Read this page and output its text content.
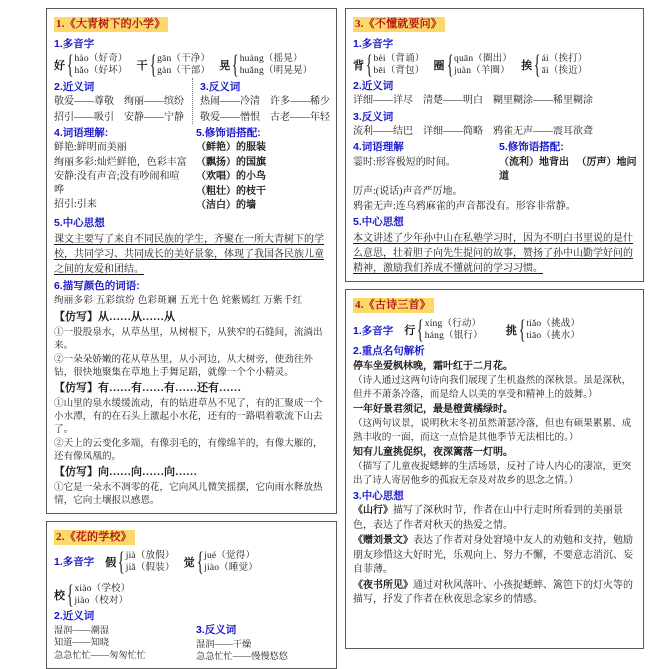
1.《大青树下的小学》
1.多音字
好 { hào（好奇）
hǎo（好坏） 干 { gān（干净）
gàn（干部） 晃 { huàng（摇晃）
huǎng（明晃晃）
2.近义词
敬爱——尊敬 绚丽——缤纷
招引——吸引 安静——宁静
3.反义词
热闹——冷清 许多——稀少
敬爱——憎恨 古老——年轻
4.词语理解:
鲜艳:鲜明而美丽
绚丽多彩:灿烂鲜艳，色彩丰富
安静:没有声音;没有吵闹和喧哗
招引:引来
5.修饰语搭配:
（鲜艳）的服装
（飘扬）的国旗
（欢唱）的小鸟
（粗壮）的枝干
（洁白）的墙
5.中心思想
课文主要写了来自不同民族的学生，齐聚在一所大青树下的学校，共同学习、共同成长的美好景象，体现了我国各民族儿童之间的友爱和团结。
6.描写颜色的词语:
绚丽多彩 五彩缤纷 色彩斑斓 五光十色 姹紫嫣红 万紫千红
【仿写】从……从……从
①一股股泉水，从草丛里，从树根下，从狭窄的石缝间，流淌出来。
②一朵朵娇嫩的花从草丛里，从小河边，从大树旁，使劲往外钻，很快地聚集在草地上手舞足蹈，就像一个个小精灵。
【仿写】有……有……有……还有……
①山里的泉水缓缓流动，有的钻进草丛不见了，有的汇聚成一个小水潭，有的在石头上激起小水花，还有的一路唱着歌流下山去了。
②天上的云变化多端，有像羽毛的，有像绵羊的，有像大雁的，还有像凤凰的。
【仿写】向……向……向……
①它是一朵永不凋零的花，它向风儿微笑摇摆，它向雨水释放热情，它向土壤报以感恩。
2.《花的学校》
1.多音字 假 { jià（放假）
jiǎ（假装） 觉 { jué（觉得）
jiào（睡觉）
校 { xiào（学校）
jiào（校对）
2.近义词
湿润——潮湿
知道——知晓
急急忙忙——匆匆忙忙
3.反义词
湿润——干燥
急急忙忙——慢慢悠悠
3.《不懂就要问》
1.多音字
背 { bèi（背诵）
bēi（背包） 圈 { quān（圈出）
juàn（羊圈） 挨 { ái（挨打）
āi（挨近）
2.近义词
详细——详尽 清楚——明白 糊里糊涂——稀里糊涂
3.反义词
流利——结巴 详细——简略 鸦雀无声——震耳欲聋
4.词语理解	5.修饰语搭配:
霎时:形容极短的时间。	（流利）地背出 （厉声）地问道
厉声:(说话)声音严厉地。
鸦雀无声:连乌鸦麻雀的声音都没有。形容非常静。
5.中心思想
本文讲述了少年孙中山在私塾学习时，因为不明白书里说的是什么意思，壮着胆子向先生提问的故事，赞扬了孙中山勤学好问的精神，激励我们养成不懂就问的学习习惯。
4.《古诗三首》
1.多音字 行 { xíng（行动）
háng（银行） 挑 { tiǎo（挑战）
tiāo（挑水）
2.重点名句解析
停车坐爱枫林晚，霜叶红于二月花。
（诗人通过这两句诗向我们展现了生机盎然的深秋景。虽是深秋，但并不萧条冷落，而是给人以美的享受和精神上的鼓舞。）
一年好景君须记，最是橙黄橘绿时。
（这两句议景，说明秋末冬初虽然萧瑟冷落，但也有硕果累累、成熟丰收的一面，而这一点恰是其他季节无法相比的。）
知有儿童挑促织，夜深篱落一灯明。
（描写了儿童夜捉蟋蟀的生活场景，反衬了诗人内心的凄凉，更突出了诗人寄居他乡的孤寂无奈及对故乡的思念之情。）
3.中心思想
《山行》描写了深秋时节，作者在山中行走时所看到的美丽景色，表达了作者对秋天的热爱之情。
《赠刘景文》表达了作者对身处窘境中友人的劝勉和支持，勉励朋友珍惜这大好时光，乐观向上、努力不懈，不要意志消沉、妄自菲薄。
《夜书所见》通过对秋风落叶、小孩捉蟋蟀、篱笆下的灯火等的描写，抒发了作者在秋夜思念家乡的情感。
